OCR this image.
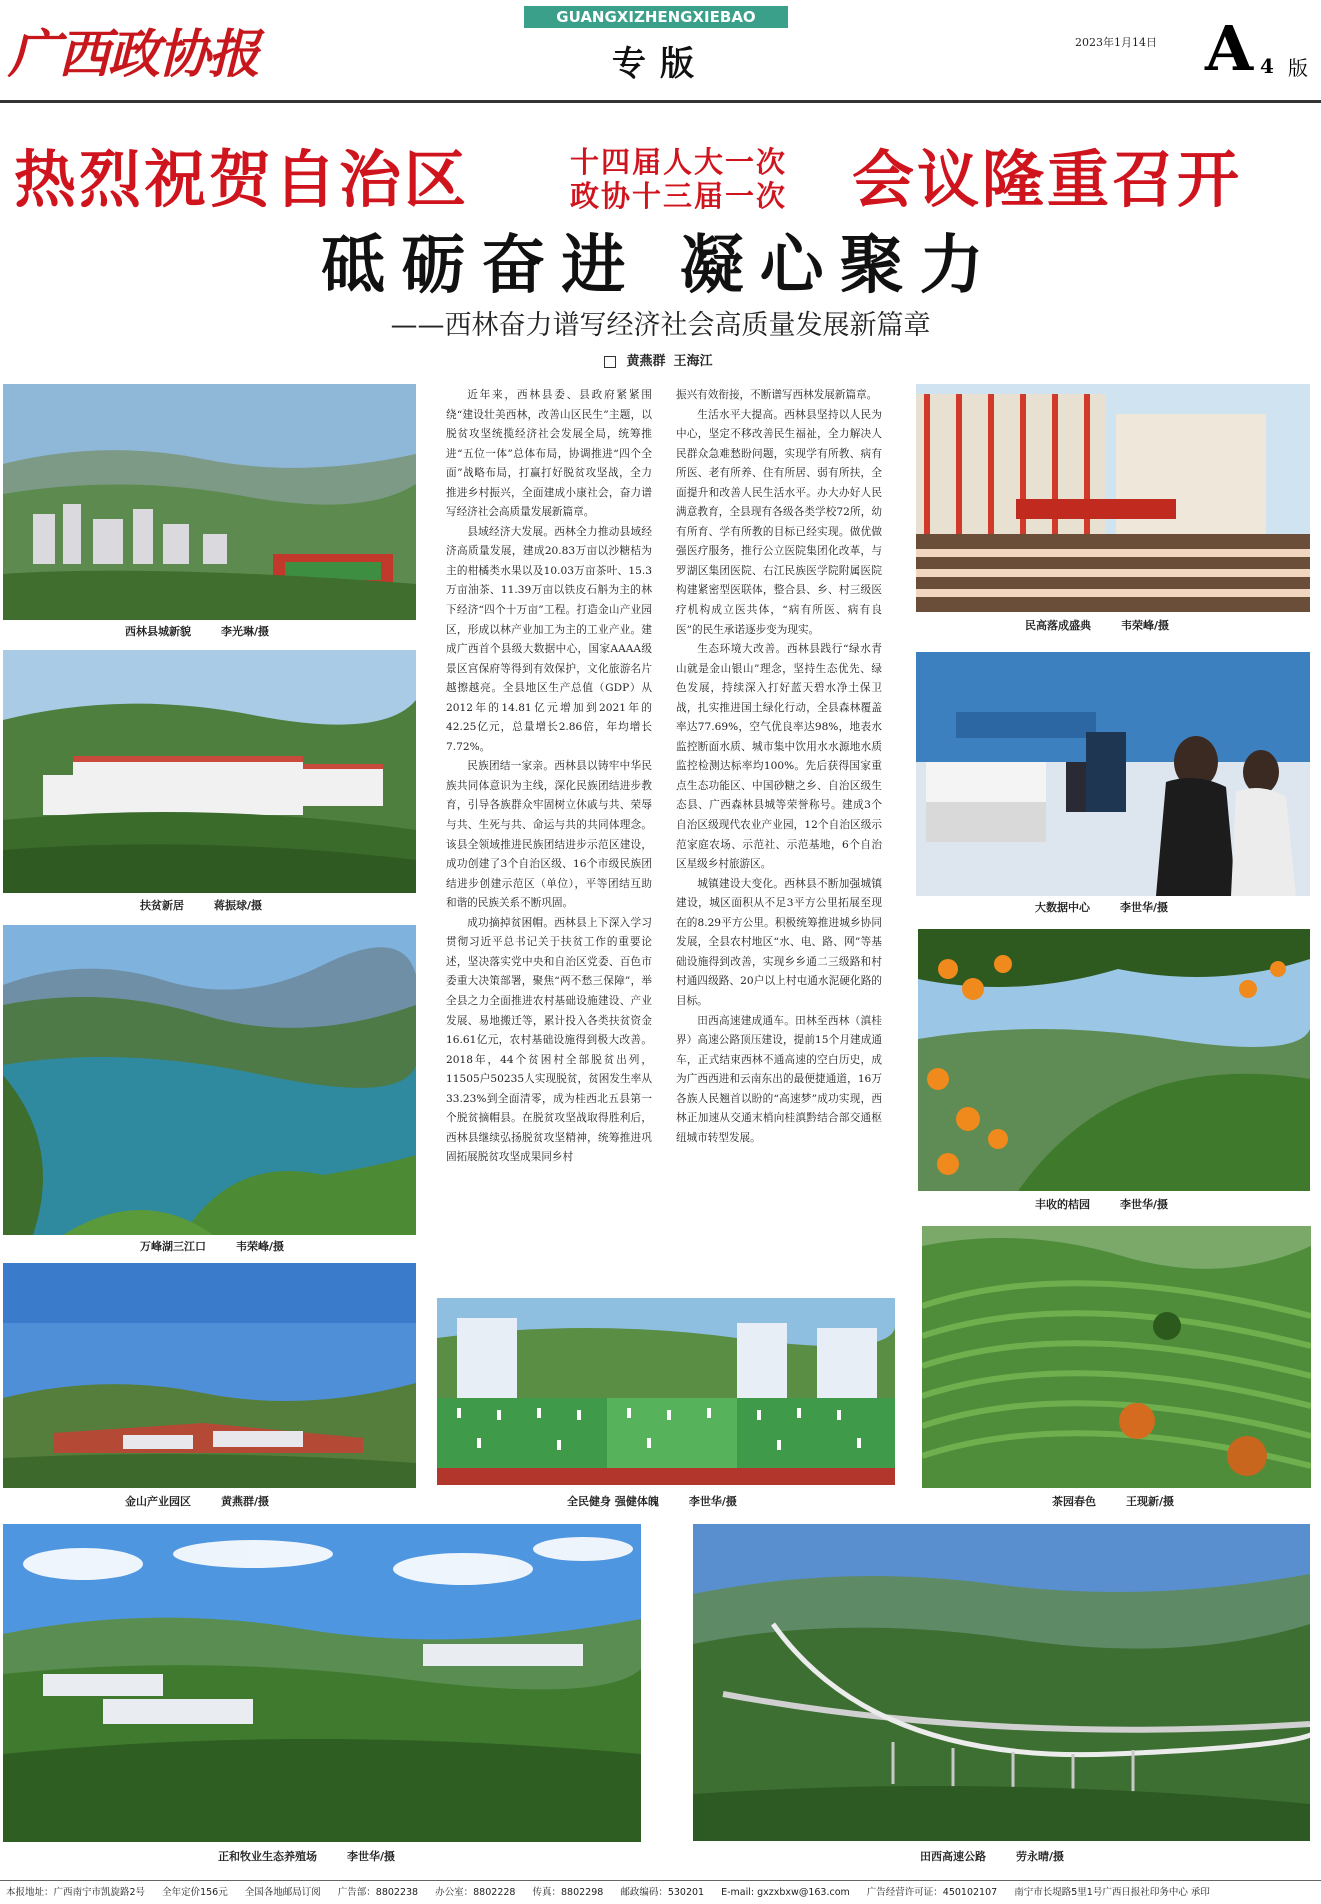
广西政协报
GUANGXIZHENGXIEBAO
专版
2023年1月14日 A 4 版
热烈祝贺自治区	十四届人大一次
政协十三届一次	会议隆重召开
砥砺奋进 凝心聚力
——西林奋力谱写经济社会高质量发展新篇章
黄燕群 王海江
西林县城新貌	李光琳/摄
扶贫新居	蒋振球/摄
万峰湖三江口	韦荣峰/摄
金山产业园区	黄燕群/摄
民高落成盛典	韦荣峰/摄
大数据中心	李世华/摄
丰收的桔园	李世华/摄
全民健身 强健体魄	李世华/摄	茶园春色	王现新/摄
正和牧业生态养殖场	李世华/摄	田西高速公路	劳永晴/摄

近年来，西林县委、县政府紧紧围绕“建设壮美西林，改善山区民生”主题，以脱贫攻坚统揽经济社会发展全局，统筹推进“五位一体”总体布局，协调推进“四个全面”战略布局，打赢打好脱贫攻坚战，全力推进乡村振兴，全面建成小康社会，奋力谱写经济社会高质量发展新篇章。

县域经济大发展。西林全力推动县域经济高质量发展，建成20.83万亩以沙糖桔为主的柑橘类水果以及10.03万亩茶叶、15.3万亩油茶、11.39万亩以铁皮石斛为主的林下经济“四个十万亩”工程。打造金山产业园区，形成以林产业加工为主的工业产业。建成广西首个县级大数据中心，国家AAAA级景区宫保府等得到有效保护，文化旅游名片越擦越亮。全县地区生产总值（GDP）从2012年的14.81亿元增加到2021年的42.25亿元，总量增长2.86倍，年均增长7.72%。

民族团结一家亲。西林县以铸牢中华民族共同体意识为主线，深化民族团结进步教育，引导各族群众牢固树立休戚与共、荣辱与共、生死与共、命运与共的共同体理念。该县全领域推进民族团结进步示范区建设，成功创建了3个自治区级、16个市级民族团结进步创建示范区（单位），平等团结互助和谐的民族关系不断巩固。

成功摘掉贫困帽。西林县上下深入学习贯彻习近平总书记关于扶贫工作的重要论述，坚决落实党中央和自治区党委、百色市委重大决策部署，聚焦“两不愁三保障”，举全县之力全面推进农村基础设施建设、产业发展、易地搬迁等，累计投入各类扶贫资金16.61亿元，农村基础设施得到极大改善。2018年，44个贫困村全部脱贫出列，11505户50235人实现脱贫，贫困发生率从33.23%到全面清零，成为桂西北五县第一个脱贫摘帽县。在脱贫攻坚战取得胜利后，西林县继续弘扬脱贫攻坚精神，统筹推进巩固拓展脱贫攻坚成果同乡村

振兴有效衔接，不断谱写西林发展新篇章。

生活水平大提高。西林县坚持以人民为中心，坚定不移改善民生福祉，全力解决人民群众急难愁盼问题，实现学有所教、病有所医、老有所养、住有所居、弱有所扶，全面提升和改善人民生活水平。办大办好人民满意教育，全县现有各级各类学校72所，幼有所育、学有所教的目标已经实现。做优做强医疗服务，推行公立医院集团化改革，与罗湖区集团医院、右江民族医学院附属医院构建紧密型医联体，整合县、乡、村三级医疗机构成立医共体，“病有所医、病有良医”的民生承诺逐步变为现实。

生态环境大改善。西林县践行“绿水青山就是金山银山”理念，坚持生态优先、绿色发展，持续深入打好蓝天碧水净土保卫战，扎实推进国土绿化行动，全县森林覆盖率达77.69%，空气优良率达98%，地表水监控断面水质、城市集中饮用水水源地水质监控检测达标率均100%。先后获得国家重点生态功能区、中国砂糖之乡、自治区级生态县、广西森林县城等荣誉称号。建成3个自治区级现代农业产业园，12个自治区级示范家庭农场、示范社、示范基地，6个自治区星级乡村旅游区。

城镇建设大变化。西林县不断加强城镇建设，城区面积从不足3平方公里拓展至现在的8.29平方公里。积极统筹推进城乡协同发展，全县农村地区“水、电、路、网”等基础设施得到改善，实现乡乡通二三级路和村村通四级路、20户以上村屯通水泥硬化路的目标。

田西高速建成通车。田林至西林（滇桂界）高速公路顶压建设，提前15个月建成通车，正式结束西林不通高速的空白历史，成为广西西进和云南东出的最便捷通道，16万各族人民翘首以盼的“高速梦”成功实现，西林正加速从交通末梢向桂滇黔结合部交通枢纽城市转型发展。

本报地址：广西南宁市凯旋路2号 全年定价156元 全国各地邮局订阅 广告部：8802238 办公室：8802228 传真：8802298 邮政编码：530201 E-mail: gxzxbxw@163.com 广告经营许可证：450102107 南宁市长堤路5里1号广西日报社印务中心 承印
